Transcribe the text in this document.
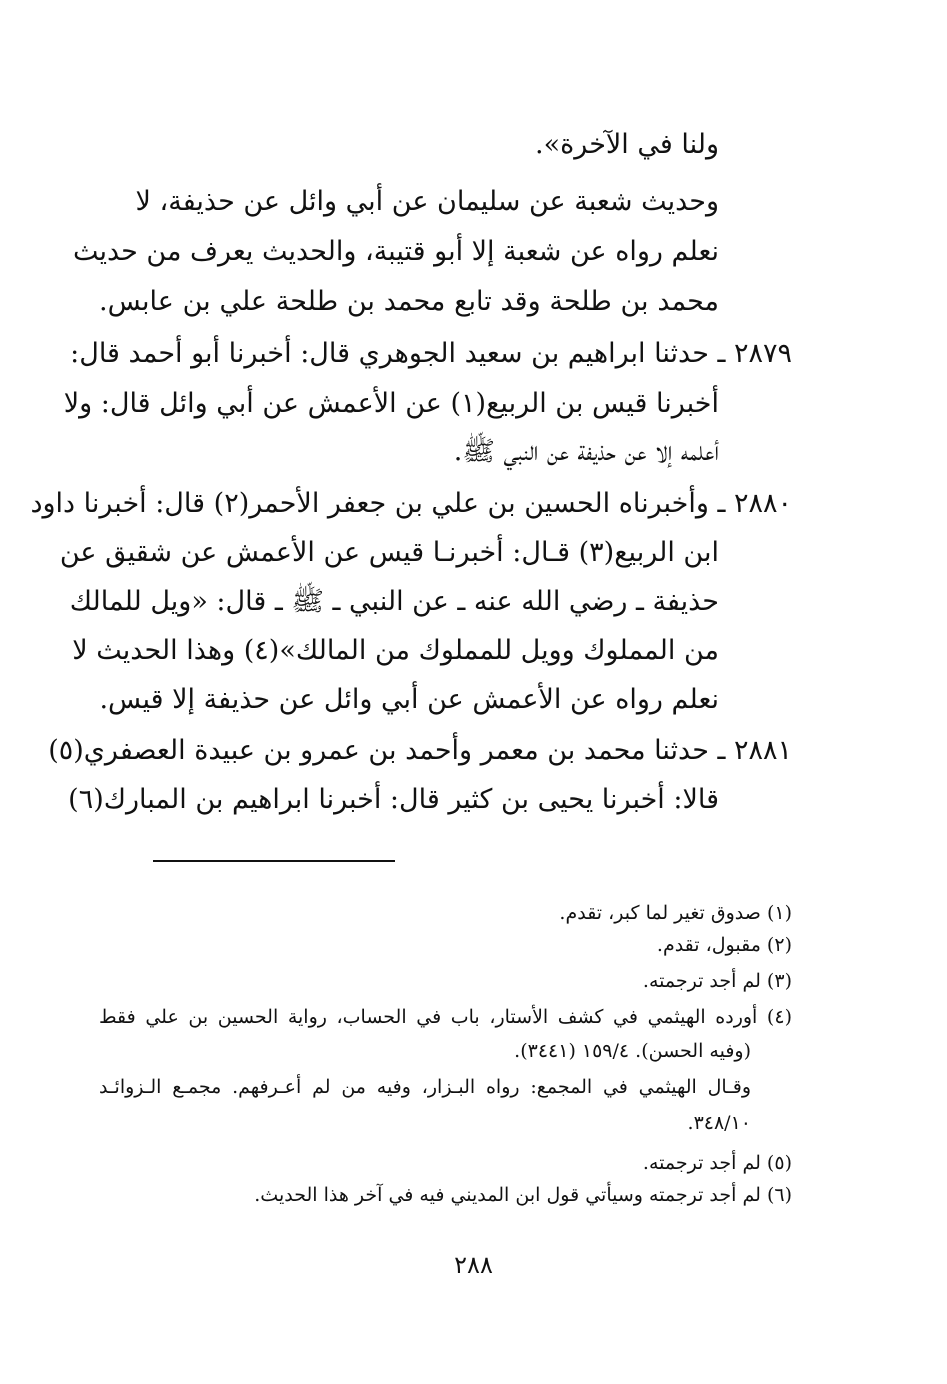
ولنا في الآخرة».
وحديث شعبة عن سليمان عن أبي وائل عن حذيفة، لا
نعلم رواه عن شعبة إلا أبو قتيبة، والحديث يعرف من حديث
محمد بن طلحة وقد تابع محمد بن طلحة علي بن عابس.
٢٨٧٩ ـ حدثنا ابراهيم بن سعيد الجوهري قال: أخبرنا أبو أحمد قال:
أخبرنا قيس بن الربيع(١) عن الأعمش عن أبي وائل قال: ولا
أعلمه إلا عن حذيفة عن النبي ﷺ.
٢٨٨٠ ـ وأخبرناه الحسين بن علي بن جعفر الأحمر(٢) قال: أخبرنا داود
ابن الربيع(٣) قـال: أخبرنـا قيس عن الأعمش عن شقيق عن
حذيفة ـ رضي الله عنه ـ عن النبي ـ ﷺ ـ قال: «ويل للمالك
من المملوك وويل للمملوك من المالك»(٤) وهذا الحديث لا
نعلم رواه عن الأعمش عن أبي وائل عن حذيفة إلا قيس.
٢٨٨١ ـ حدثنا محمد بن معمر وأحمد بن عمرو بن عبيدة العصفري(٥)
قالا: أخبرنا يحيى بن كثير قال: أخبرنا ابراهيم بن المبارك(٦)
(١) صدوق تغير لما كبر، تقدم.
(٢) مقبول، تقدم.
(٣) لم أجد ترجمته.
(٤) أورده الهيثمي في كشف الأستار، باب في الحساب، رواية الحسين بن علي فقط
(وفيه الحسن). ١٥٩/٤ (٣٤٤١).
وقـال الهيثمي في المجمع: رواه البـزار، وفيه من لم أعـرفهم. مجمـع الـزوائـد
٣٤٨/١٠.
(٥) لم أجد ترجمته.
(٦) لم أجد ترجمته وسيأتي قول ابن المديني فيه في آخر هذا الحديث.
٢٨٨
